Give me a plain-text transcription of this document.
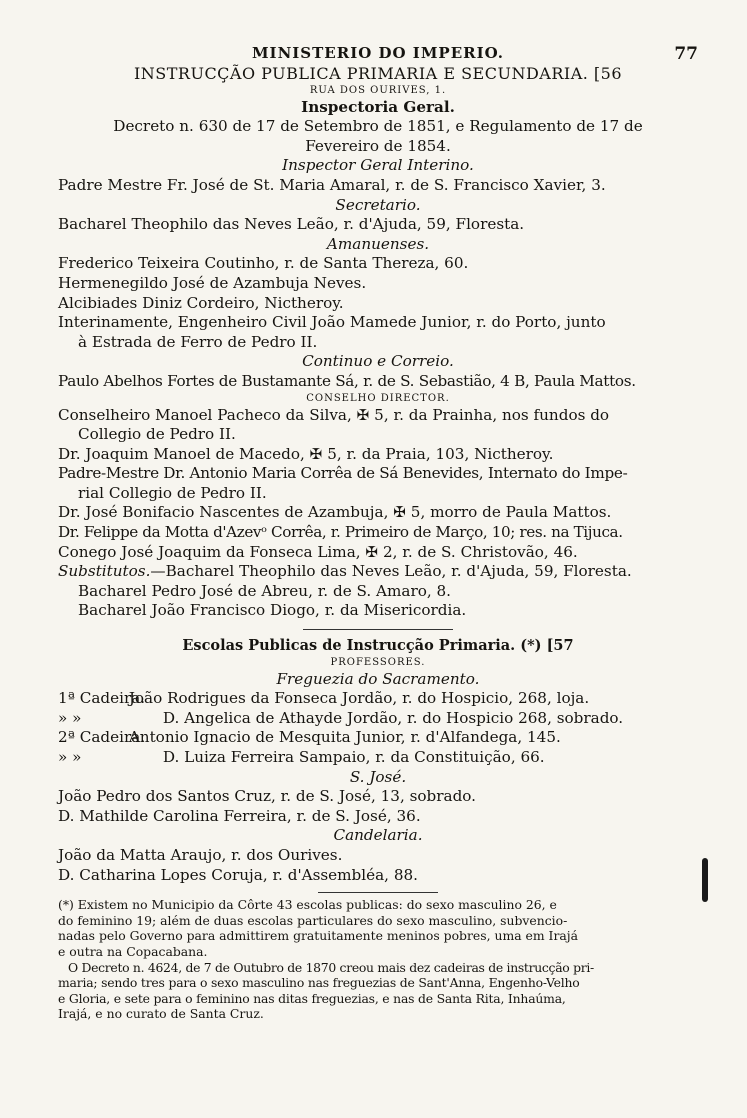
MINISTERIO DO IMPERIO.	77
INSTRUCÇÃO PUBLICA PRIMARIA E SECUNDARIA. [56
RUA DOS OURIVES, 1.
Inspectoria Geral.
Decreto n. 630 de 17 de Setembro de 1851, e Regulamento de 17 de
Fevereiro de 1854.
Inspector Geral Interino.
Padre Mestre Fr. José de St. Maria Amaral, r. de S. Francisco Xavier, 3.
Secretario.
Bacharel Theophilo das Neves Leão, r. d'Ajuda, 59, Floresta.
Amanuenses.
Frederico Teixeira Coutinho, r. de Santa Thereza, 60.
Hermenegildo José de Azambuja Neves.
Alcibiades Diniz Cordeiro, Nictheroy.
Interinamente, Engenheiro Civil João Mamede Junior, r. do Porto, junto
à Estrada de Ferro de Pedro II.
Continuo e Correio.
Paulo Abelhos Fortes de Bustamante Sá, r. de S. Sebastião, 4 B, Paula Mattos.
CONSELHO DIRECTOR.
Conselheiro Manoel Pacheco da Silva, ✠ 5, r. da Prainha, nos fundos do
Collegio de Pedro II.
Dr. Joaquim Manoel de Macedo, ✠ 5, r. da Praia, 103, Nictheroy.
Padre-Mestre Dr. Antonio Maria Corrêa de Sá Benevides, Internato do Impe-
rial Collegio de Pedro II.
Dr. José Bonifacio Nascentes de Azambuja, ✠ 5, morro de Paula Mattos.
Dr. Felippe da Motta d'Azevᵒ Corrêa, r. Primeiro de Março, 10; res. na Tijuca.
Conego José Joaquim da Fonseca Lima, ✠ 2, r. de S. Christovão, 46.
Substitutos.—Bacharel Theophilo das Neves Leão, r. d'Ajuda, 59, Floresta.
Bacharel Pedro José de Abreu, r. de S. Amaro, 8.
Bacharel João Francisco Diogo, r. da Misericordia.
Escolas Publicas de Instrucção Primaria. (*) [57
PROFESSORES.
Freguezia do Sacramento.
1ª Cadeira. João Rodrigues da Fonseca Jordão, r. do Hospicio, 268, loja.
» »	D. Angelica de Athayde Jordão, r. do Hospicio 268, sobrado.
2ª Cadeira. Antonio Ignacio de Mesquita Junior, r. d'Alfandega, 145.
» »	D. Luiza Ferreira Sampaio, r. da Constituição, 66.
S. José.
João Pedro dos Santos Cruz, r. de S. José, 13, sobrado.
D. Mathilde Carolina Ferreira, r. de S. José, 36.
Candelaria.
João da Matta Araujo, r. dos Ourives.
D. Catharina Lopes Coruja, r. d'Assembléa, 88.
(*) Existem no Municipio da Côrte 43 escolas publicas: do sexo masculino 26, e
do feminino 19; além de duas escolas particulares do sexo masculino, subvencio-
nadas pelo Governo para admittirem gratuitamente meninos pobres, uma em Irajá
e outra na Copacabana.
O Decreto n. 4624, de 7 de Outubro de 1870 creou mais dez cadeiras de instrucção pri-
maria; sendo tres para o sexo masculino nas freguezias de Sant'Anna, Engenho-Velho
e Gloria, e sete para o feminino nas ditas freguezias, e nas de Santa Rita, Inhaúma,
Irajá, e no curato de Santa Cruz.
